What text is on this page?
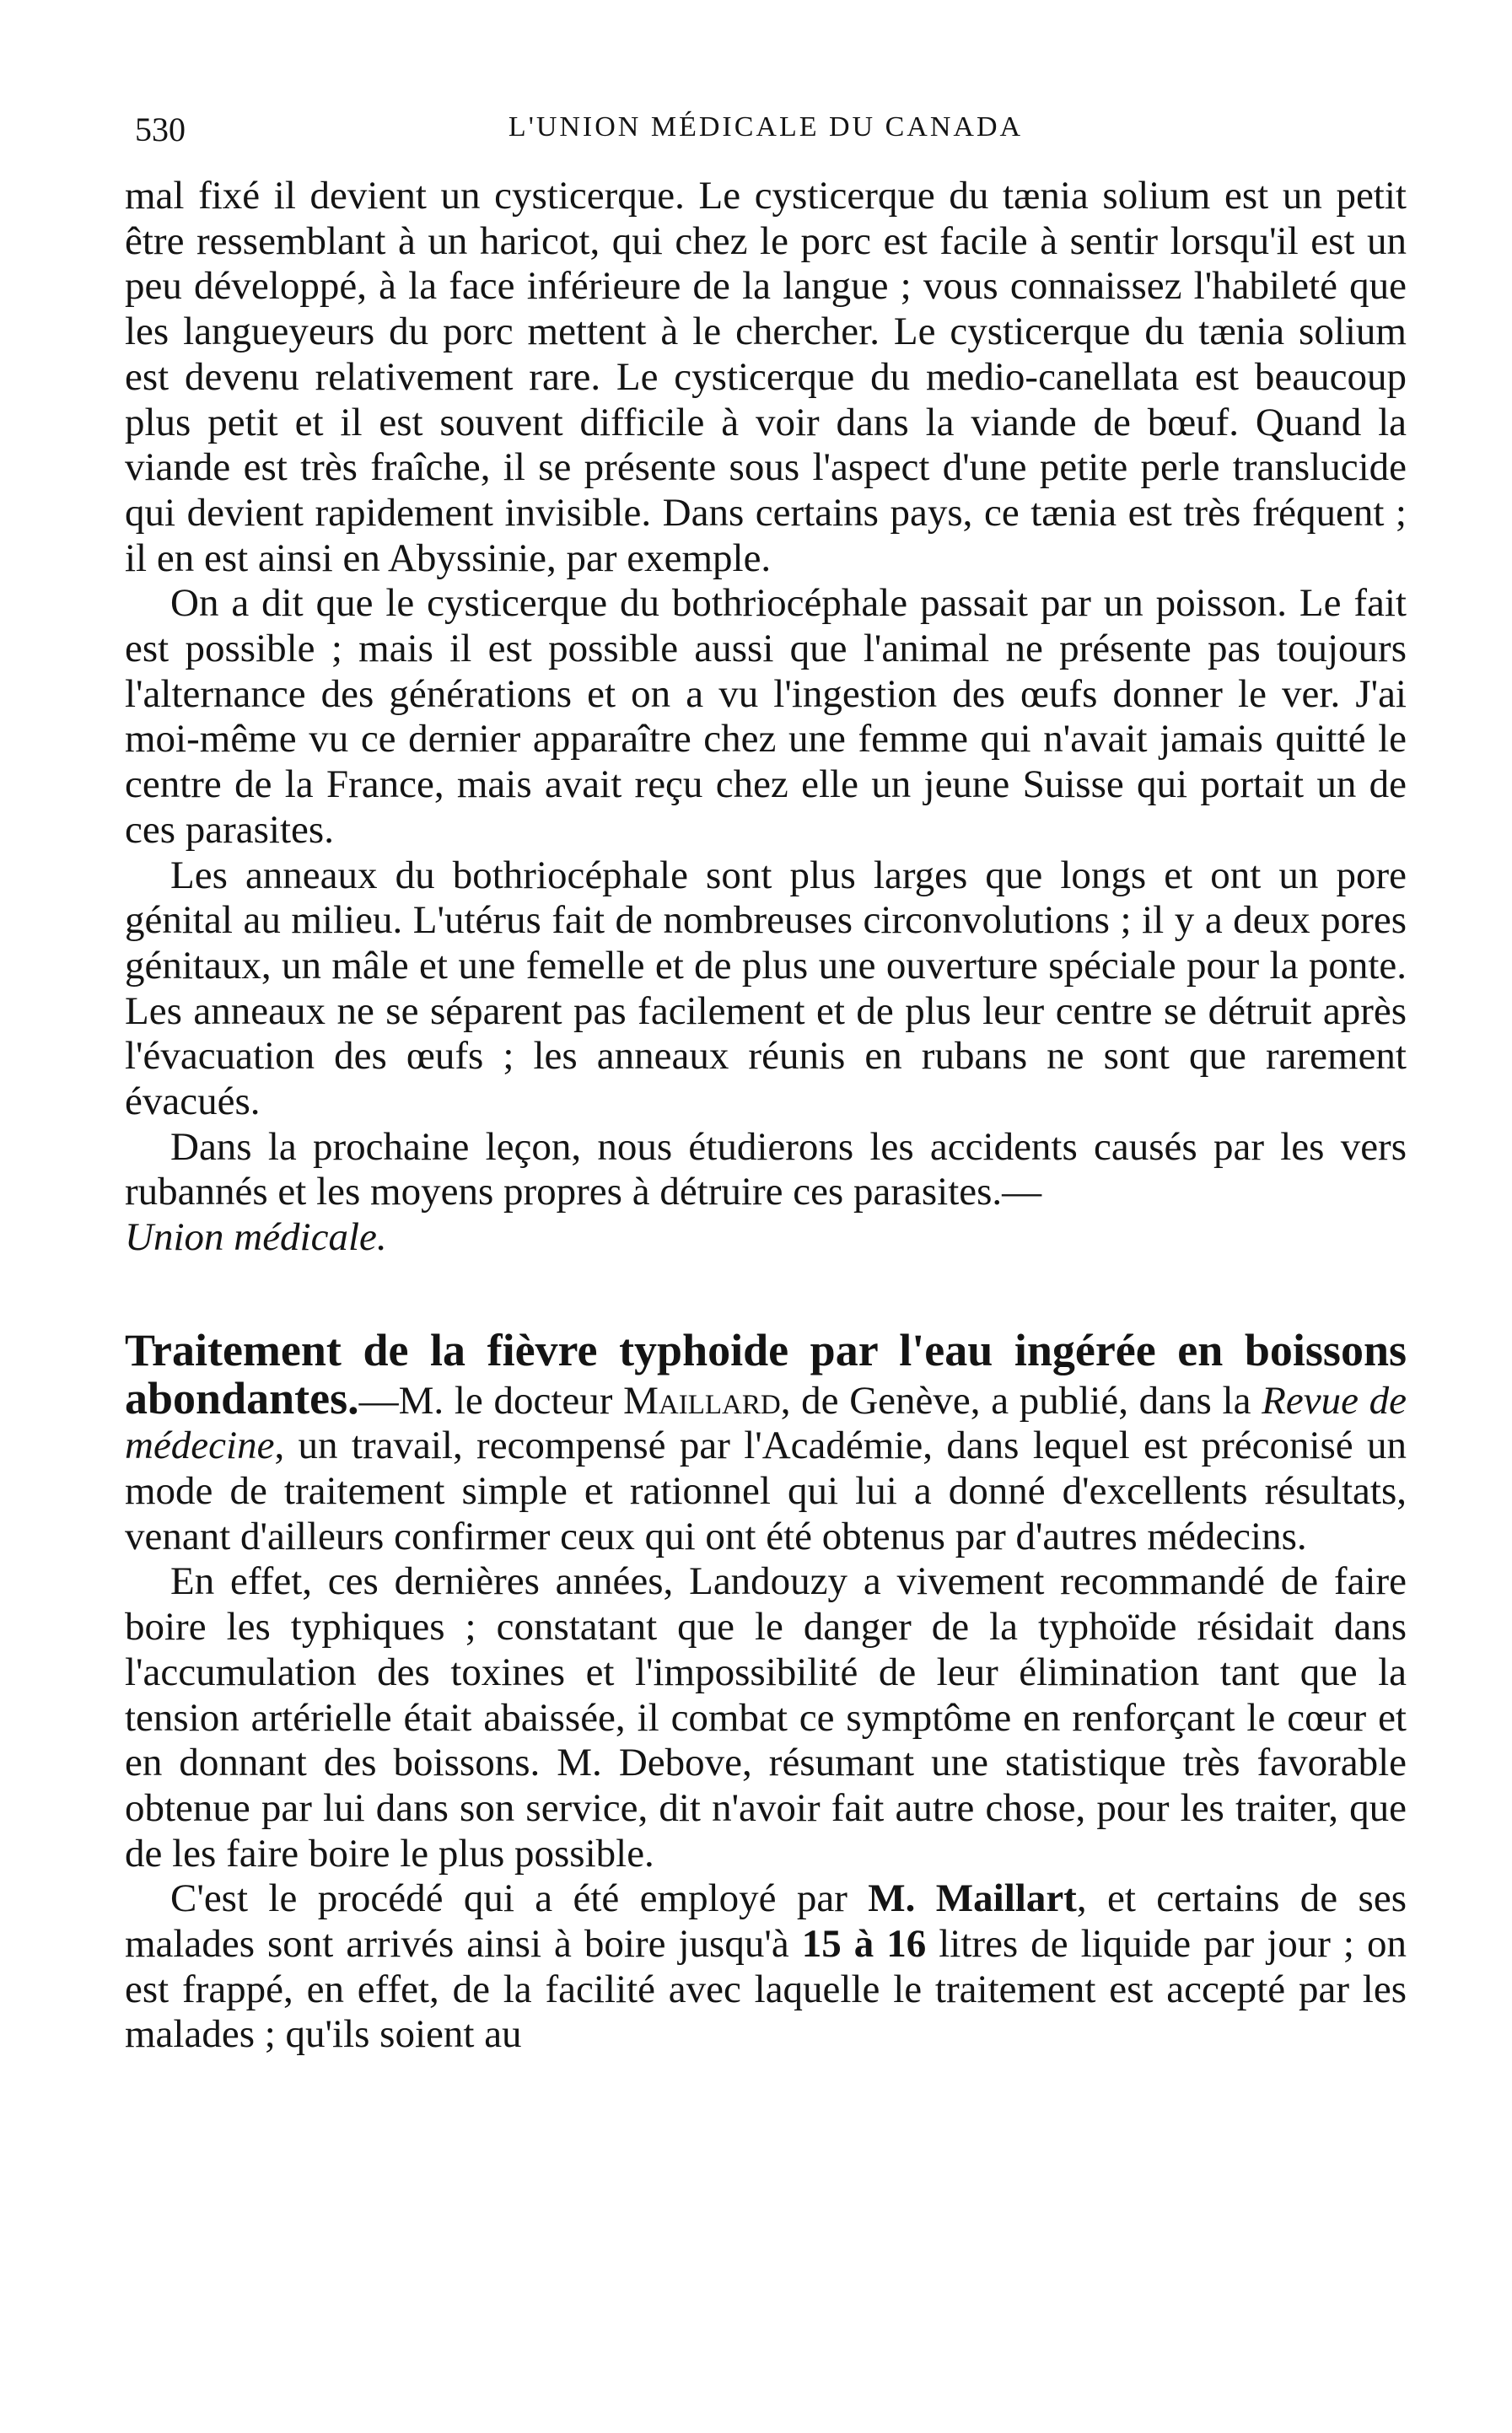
530	L'UNION MÉDICALE DU CANADA

mal fixé il devient un cysticerque. Le cysticerque du tænia solium est un petit être ressemblant à un haricot, qui chez le porc est facile à sentir lorsqu'il est un peu développé, à la face inférieure de la langue ; vous connaissez l'habileté que les langueyeurs du porc mettent à le chercher. Le cysticerque du tænia solium est devenu relativement rare. Le cysticerque du medio-canellata est beaucoup plus petit et il est souvent difficile à voir dans la viande de bœuf. Quand la viande est très fraîche, il se présente sous l'aspect d'une petite perle translucide qui devient rapidement invisible. Dans certains pays, ce tænia est très fréquent ; il en est ainsi en Abyssinie, par exemple.

On a dit que le cysticerque du bothriocéphale passait par un poisson. Le fait est possible ; mais il est possible aussi que l'animal ne présente pas toujours l'alternance des générations et on a vu l'ingestion des œufs donner le ver. J'ai moi-même vu ce dernier apparaître chez une femme qui n'avait jamais quitté le centre de la France, mais avait reçu chez elle un jeune Suisse qui portait un de ces parasites.

Les anneaux du bothriocéphale sont plus larges que longs et ont un pore génital au milieu. L'utérus fait de nombreuses circonvolutions ; il y a deux pores génitaux, un mâle et une femelle et de plus une ouverture spéciale pour la ponte. Les anneaux ne se séparent pas facilement et de plus leur centre se détruit après l'évacuation des œufs ; les anneaux réunis en rubans ne sont que rarement évacués.

Dans la prochaine leçon, nous étudierons les accidents causés par les vers rubannés et les moyens propres à détruire ces parasites.—
Union médicale.

Traitement de la fièvre typhoide par l'eau ingérée en boissons abondantes.—M. le docteur Maillard, de Genève, a publié, dans la Revue de médecine, un travail, recompensé par l'Académie, dans lequel est préconisé un mode de traitement simple et rationnel qui lui a donné d'excellents résultats, venant d'ailleurs confirmer ceux qui ont été obtenus par d'autres médecins.

En effet, ces dernières années, Landouzy a vivement recommandé de faire boire les typhiques ; constatant que le danger de la typhoïde résidait dans l'accumulation des toxines et l'impossibilité de leur élimination tant que la tension artérielle était abaissée, il combat ce symptôme en renforçant le cœur et en donnant des boissons. M. Debove, résumant une statistique très favorable obtenue par lui dans son service, dit n'avoir fait autre chose, pour les traiter, que de les faire boire le plus possible.

C'est le procédé qui a été employé par M. Maillart, et certains de ses malades sont arrivés ainsi à boire jusqu'à 15 à 16 litres de liquide par jour ; on est frappé, en effet, de la facilité avec laquelle le traitement est accepté par les malades ; qu'ils soient au
